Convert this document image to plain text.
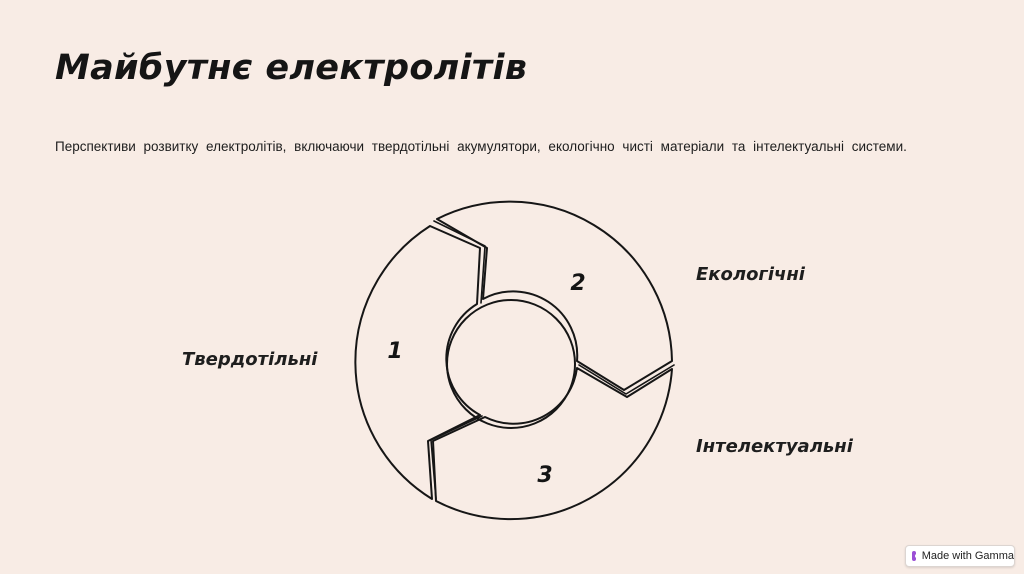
Майбутнє електролітів

Перспективи розвитку електролітів, включаючи твердотільні акумулятори, екологічно чисті матеріали та інтелектуальні системи.

1
2
3
Твердотільні
Екологічні
Інтелектуальні
Made with Gamma
